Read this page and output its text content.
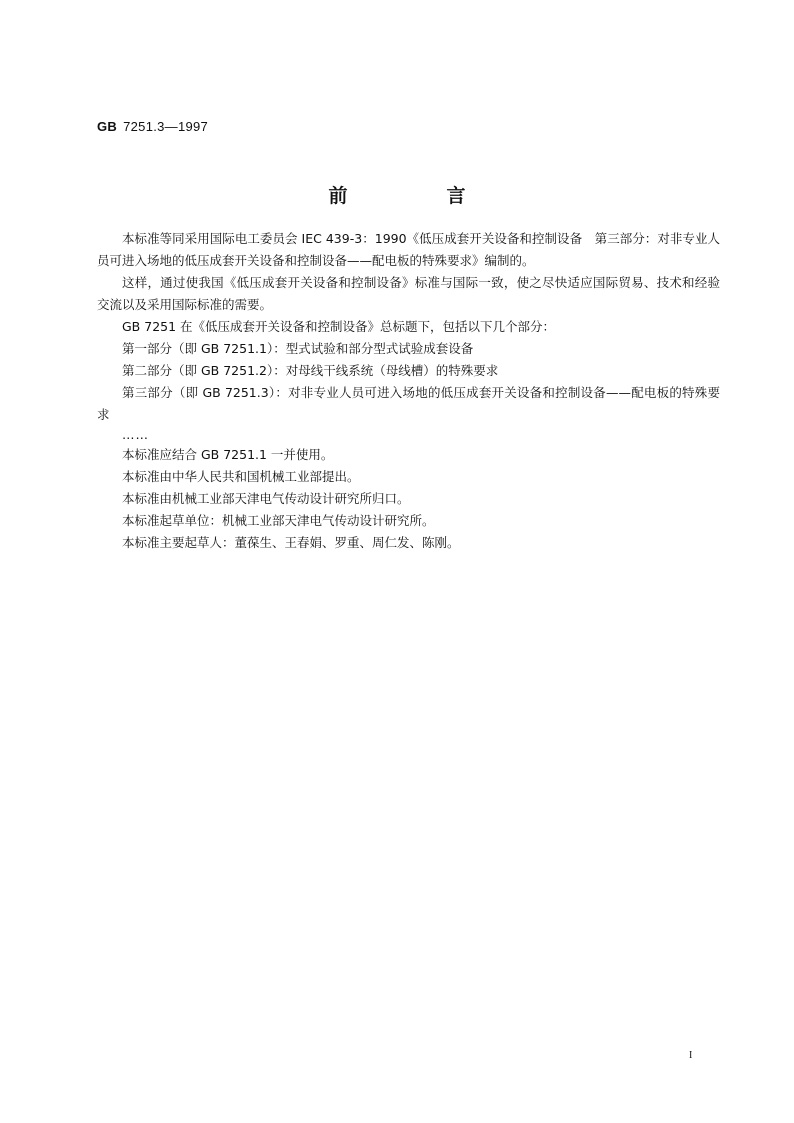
GB 7251.3—1997
前　言

本标准等同采用国际电工委员会 IEC 439-3：1990《低压成套开关设备和控制设备　第三部分：对非专业人员可进入场地的低压成套开关设备和控制设备——配电板的特殊要求》编制的。

这样，通过使我国《低压成套开关设备和控制设备》标准与国际一致，使之尽快适应国际贸易、技术和经验交流以及采用国际标准的需要。

GB 7251 在《低压成套开关设备和控制设备》总标题下，包括以下几个部分：

第一部分（即 GB 7251.1）：型式试验和部分型式试验成套设备

第二部分（即 GB 7251.2）：对母线干线系统（母线槽）的特殊要求

第三部分（即 GB 7251.3）：对非专业人员可进入场地的低压成套开关设备和控制设备——配电板的特殊要求

……

本标准应结合 GB 7251.1 一并使用。

本标准由中华人民共和国机械工业部提出。

本标准由机械工业部天津电气传动设计研究所归口。

本标准起草单位：机械工业部天津电气传动设计研究所。

本标准主要起草人：董葆生、王春娟、罗重、周仁发、陈刚。

I
